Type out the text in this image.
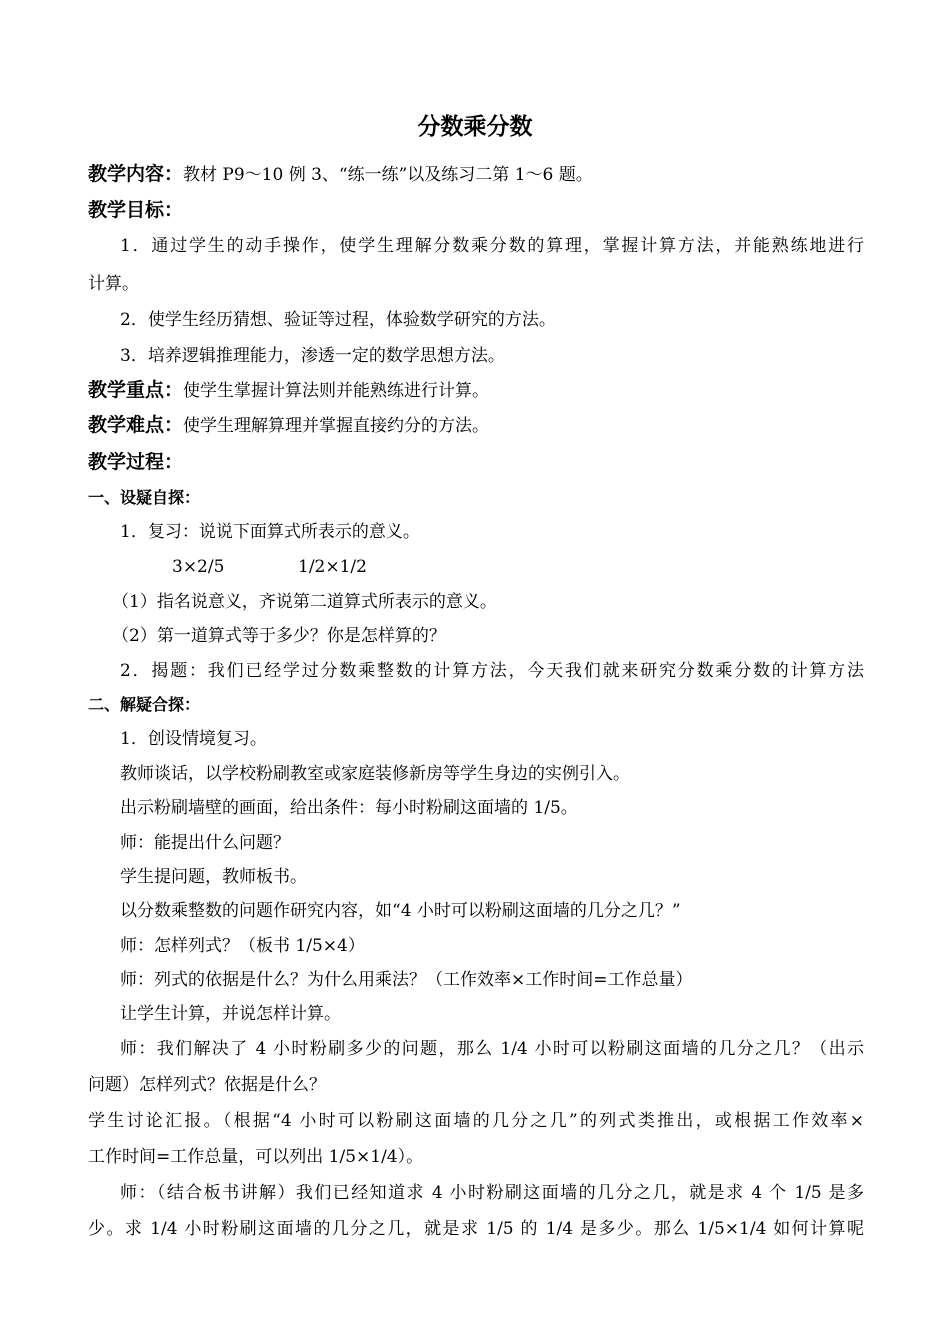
分数乘分数
教学内容：教材 P9～10 例 3、“练一练”以及练习二第 1～6 题。
教学目标：
1．通过学生的动手操作，使学生理解分数乘分数的算理，掌握计算方法，并能熟练地进行
计算。
2．使学生经历猜想、验证等过程，体验数学研究的方法。
3．培养逻辑推理能力，渗透一定的数学思想方法。
教学重点：使学生掌握计算法则并能熟练进行计算。
教学难点：使学生理解算理并掌握直接约分的方法。
教学过程：
一、设疑自探：
1．复习：说说下面算式所表示的意义。
3×2/5	1/2×1/2
（1）指名说意义，齐说第二道算式所表示的意义。
（2）第一道算式等于多少？你是怎样算的？
2．揭题：我们已经学过分数乘整数的计算方法，今天我们就来研究分数乘分数的计算方法
二、解疑合探：
1．创设情境复习。
教师谈话，以学校粉刷教室或家庭装修新房等学生身边的实例引入。
出示粉刷墙壁的画面，给出条件：每小时粉刷这面墙的 1/5。
师：能提出什么问题？
学生提问题，教师板书。
以分数乘整数的问题作研究内容，如“4 小时可以粉刷这面墙的几分之几？”
师：怎样列式？（板书 1/5×4）
师：列式的依据是什么？为什么用乘法？（工作效率×工作时间=工作总量）
让学生计算，并说怎样计算。
师：我们解决了 4 小时粉刷多少的问题，那么 1/4 小时可以粉刷这面墙的几分之几？（出示
问题）怎样列式？依据是什么？
学生讨论汇报。（根据“4 小时可以粉刷这面墙的几分之几”的列式类推出，或根据工作效率×
工作时间=工作总量，可以列出 1/5×1/4）。
师：（结合板书讲解）我们已经知道求 4 小时粉刷这面墙的几分之几，就是求 4 个 1/5 是多
少。求 1/4 小时粉刷这面墙的几分之几，就是求 1/5 的 1/4 是多少。那么 1/5×1/4 如何计算呢
